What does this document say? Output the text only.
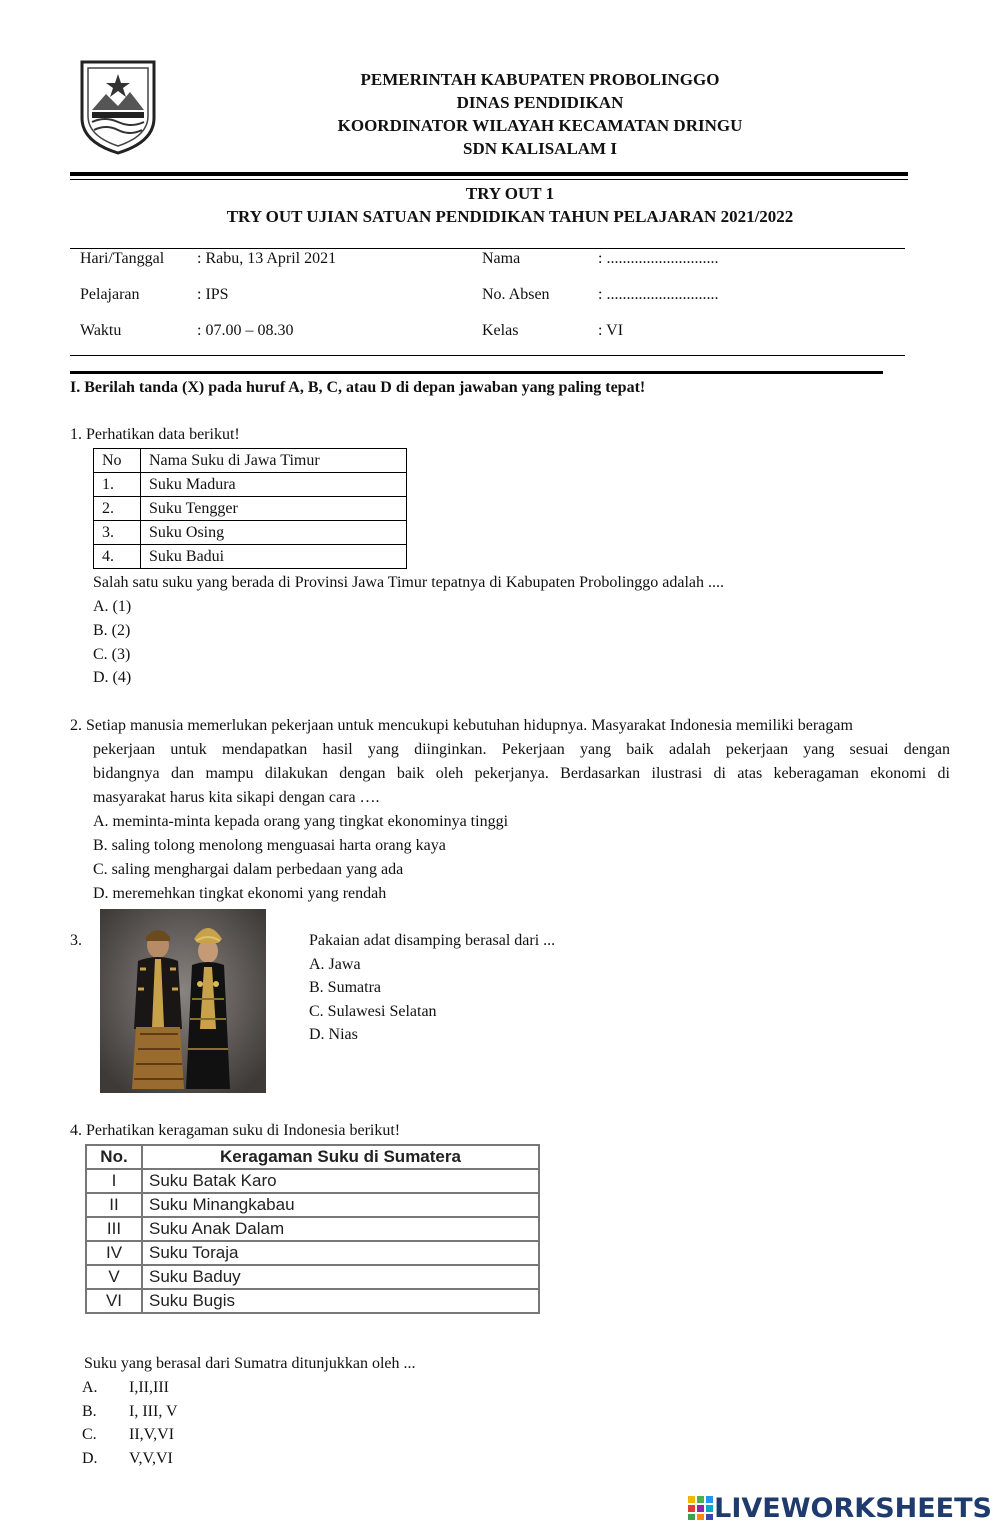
PEMERINTAH KABUPATEN PROBOLINGGO
DINAS PENDIDIKAN
KOORDINATOR WILAYAH KECAMATAN DRINGU
SDN KALISALAM I
TRY OUT 1
TRY OUT UJIAN SATUAN PENDIDIKAN TAHUN PELAJARAN 2021/2022
Hari/Tanggal : Rabu, 13 April 2021
Pelajaran	: IPS
Waktu	: 07.00 – 08.30
Nama	: ............................
No. Absen	: ............................
Kelas	: VI
I. Berilah tanda (X) pada huruf A, B, C, atau D di depan jawaban yang paling tepat!
1. Perhatikan data berikut!
No	Nama Suku di Jawa Timur
1.	Suku Madura
2.	Suku Tengger
3.	Suku Osing
4.	Suku Badui
Salah satu suku yang berada di Provinsi Jawa Timur tepatnya di Kabupaten Probolinggo adalah ....
A. (1)
B. (2)
C. (3)
D. (4)
2. Setiap manusia memerlukan pekerjaan untuk mencukupi kebutuhan hidupnya. Masyarakat Indonesia memiliki beragam
pekerjaan untuk mendapatkan hasil yang diinginkan. Pekerjaan yang baik adalah pekerjaan yang sesuai dengan
bidangnya dan mampu dilakukan dengan baik oleh pekerjanya. Berdasarkan ilustrasi di atas keberagaman ekonomi di
masyarakat harus kita sikapi dengan cara ….
A. meminta-minta kepada orang yang tingkat ekonominya tinggi
B. saling tolong menolong menguasai harta orang kaya
C. saling menghargai dalam perbedaan yang ada
D. meremehkan tingkat ekonomi yang rendah
3.	Pakaian adat disamping berasal dari ...
A. Jawa
B. Sumatra
C. Sulawesi Selatan
D. Nias
4. Perhatikan keragaman suku di Indonesia berikut!
No.	Keragaman Suku di Sumatera
I	Suku Batak Karo
II	Suku Minangkabau
III	Suku Anak Dalam
IV	Suku Toraja
V	Suku Baduy
VI	Suku Bugis
Suku yang berasal dari Sumatra ditunjukkan oleh ...
A. I,II,III
B. I, III, V
C. II,V,VI
D. V,V,VI
LIVEWORKSHEETS
